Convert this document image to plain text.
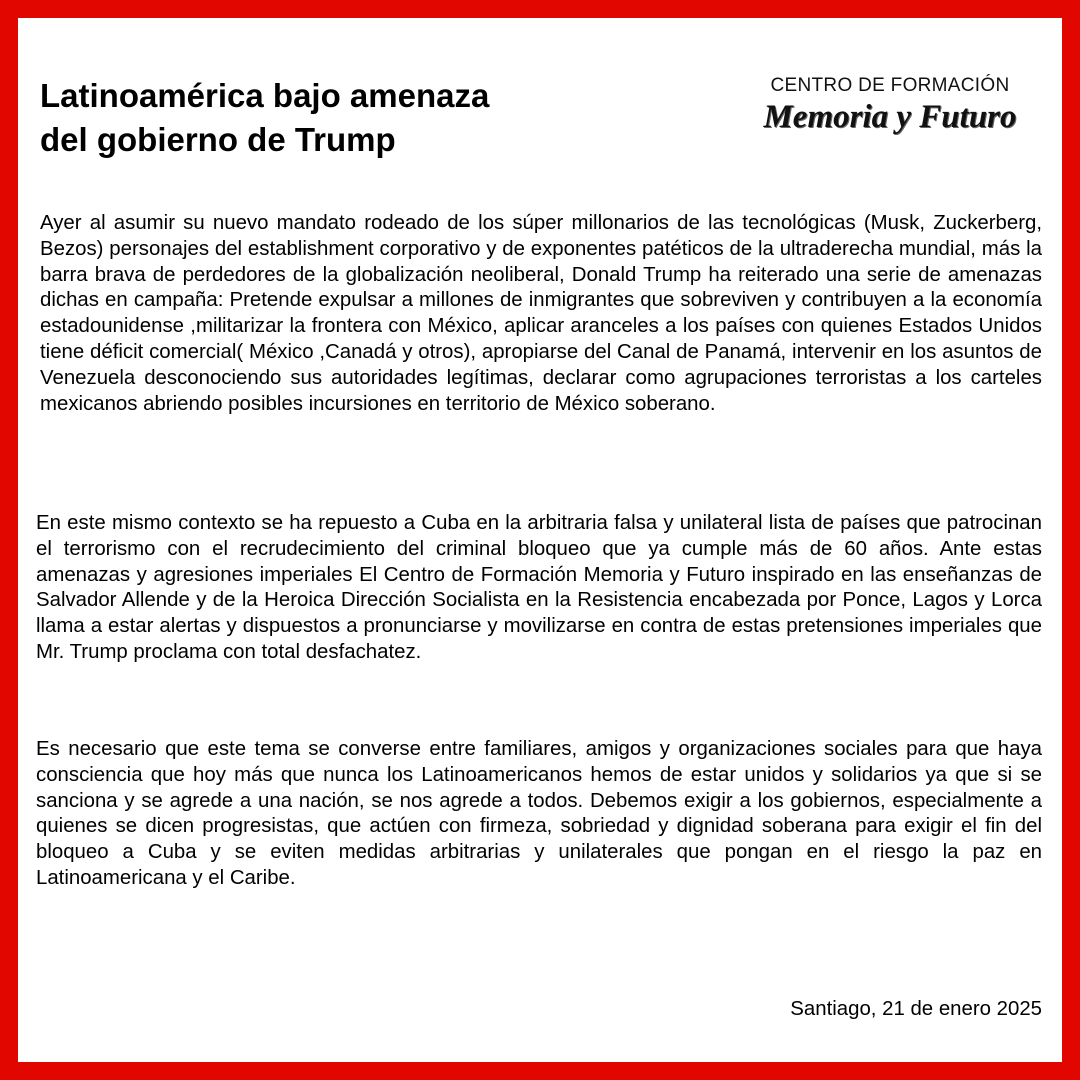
Latinoamérica bajo amenaza
del gobierno de Trump
CENTRO DE FORMACIÓN
Memoria y Futuro

Ayer al asumir su nuevo mandato rodeado de los súper millonarios de las tecnológicas (Musk, Zuckerberg, Bezos) personajes del establishment corporativo y de exponentes patéticos de la ultraderecha mundial, más la barra brava de perdedores de la globalización neoliberal, Donald Trump ha reiterado una serie de amenazas dichas en campaña: Pretende expulsar a millones de inmigrantes que sobreviven y contribuyen a la economía estadounidense ,militarizar la frontera con México, aplicar aranceles a los países con quienes Estados Unidos tiene déficit comercial( México ,Canadá y otros), apropiarse del Canal de Panamá, intervenir en los asuntos de Venezuela desconociendo sus autoridades legítimas, declarar como agrupaciones terroristas a los carteles mexicanos abriendo posibles incursiones en territorio de México soberano.

En este mismo contexto se ha repuesto a Cuba en la arbitraria falsa y unilateral lista de países que patrocinan el terrorismo con el recrudecimiento del criminal bloqueo que ya cumple más de 60 años. Ante estas amenazas y agresiones imperiales El Centro de Formación Memoria y Futuro inspirado en las enseñanzas de Salvador Allende y de la Heroica Dirección Socialista en la Resistencia encabezada por Ponce, Lagos y Lorca llama a estar alertas y dispuestos a pronunciarse y movilizarse en contra de estas pretensiones imperiales que Mr. Trump proclama con total desfachatez.

Es necesario que este tema se converse entre familiares, amigos y organizaciones sociales para que haya consciencia que hoy más que nunca los Latinoamericanos hemos de estar unidos y solidarios ya que si se sanciona y se agrede a una nación, se nos agrede a todos. Debemos exigir a los gobiernos, especialmente a quienes se dicen progresistas, que actúen con firmeza, sobriedad y dignidad soberana para exigir el fin del bloqueo a Cuba y se eviten medidas arbitrarias y unilaterales que pongan en el riesgo la paz en Latinoamericana y el Caribe.

Santiago, 21 de enero 2025
